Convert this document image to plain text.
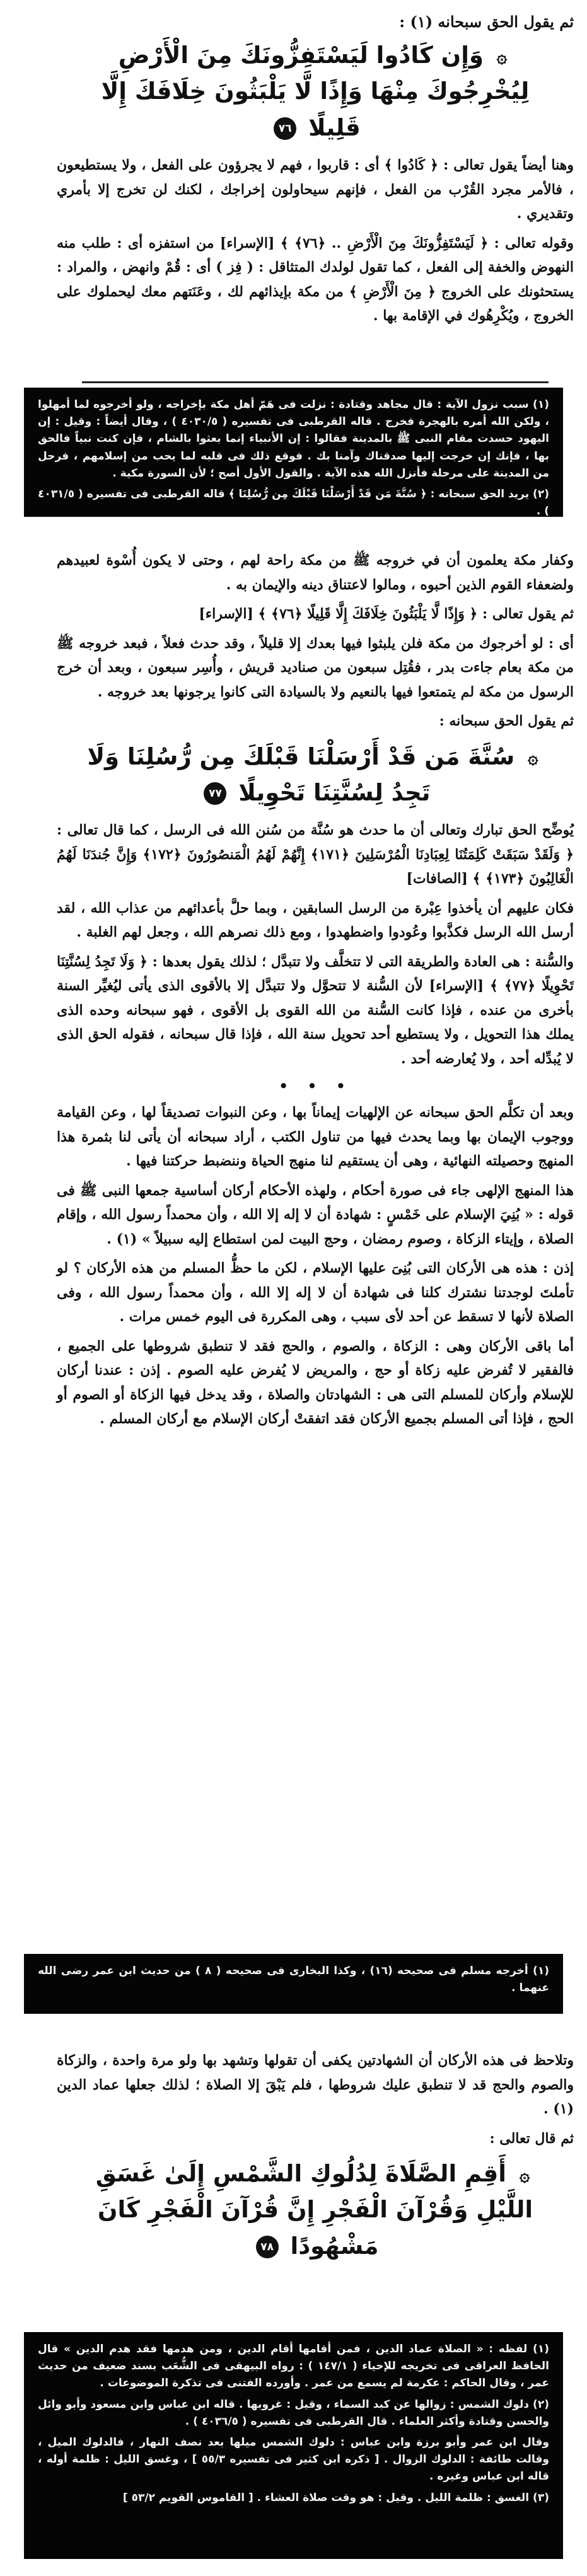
ثم يقول الحق سبحانه (١) :
۞ وَإِن كَادُوا لَيَسْتَفِزُّونَكَ مِنَ الْأَرْضِ لِيُخْرِجُوكَ مِنْهَا وَإِذًا لَّا يَلْبَثُونَ خِلَافَكَ إِلَّا قَلِيلًا ٧٦

وهنا أيضاً يقول تعالى : ﴿ كَادُوا ﴾ أى : قاربوا ، فهم لا يجرؤون على الفعل ، ولا يستطيعون ، فالأمر مجرد القُرْب من الفعل ، فإنهم سيحاولون إخراجك ، لكنك لن تخرج إلا بأمري وتقديري .

وقوله تعالى : ﴿ لَيَسْتَفِزُّونَكَ مِنَ الْأَرْضِ .. ﴿٧٦﴾ ﴾ [الإسراء] من استفزه أى : طلب منه النهوض والخفة إلى الفعل ، كما تقول لولدك المتثاقل : ( فِز ) أى : قُمْ وانهض ، والمراد : يستحثونك على الخروج ﴿ مِنَ الْأَرْضِ ﴾ من مكة بإيذائهم لك ، وعَنَتهم معك ليحملوك على الخروج ، ويُكْرِهُوك في الإقامة بها .

(١) سبب نزول الآية : قال مجاهد وقتادة : نزلت فى هَمّ أهل مكة بإخراجه ، ولو أخرجوه لما أمهلوا ، ولكن الله أمره بالهجرة فخرج . قاله القرطبى فى تفسيره ( ٤٠٣٠/٥ ) ، وقال أيضاً : وقيل : إن اليهود حسدت مقام النبى ﷺ بالمدينة فقالوا : إن الأنبياء إنما بعثوا بالشام ، فإن كنت نبياً فالحق بها ، فإنك إن خرجت إليها صدقناك وآمنا بك . فوقع ذلك فى قلبه لما يحب من إسلامهم ، فرحل من المدينة على مرحلة فأنزل الله هذه الآية . والقول الأول أصح ؛ لأن السورة مكية .

(٢) يريد الحق سبحانه : ﴿ سُنَّةَ مَن قَدْ أَرْسَلْنَا قَبْلَكَ مِن رُّسُلِنَا ﴾ قاله القرطبى فى تفسيره ( ٤٠٣١/٥ ) .

وكفار مكة يعلمون أن في خروجه ﷺ من مكة راحة لهم ، وحتى لا يكون أُسْوة لعبيدهم ولضعفاء القوم الذين أحبوه ، ومالوا لاعتناق دينه والإيمان به .

ثم يقول تعالى : ﴿ وَإِذًا لَّا يَلْبَثُونَ خِلَافَكَ إِلَّا قَلِيلًا ﴿٧٦﴾ ﴾ [الإسراء]

أى : لو أخرجوك من مكة فلن يلبثوا فيها بعدك إلا قليلاً ، وقد حدث فعلاً ، فبعد خروجه ﷺ من مكة بعام جاءت بدر ، فقُتِل سبعون من صناديد قريش ، وأُسِر سبعون ، وبعد أن خرج الرسول من مكة لم يتمتعوا فيها بالنعيم ولا بالسيادة التى كانوا يرجونها بعد خروجه .

ثم يقول الحق سبحانه :

۞ سُنَّةَ مَن قَدْ أَرْسَلْنَا قَبْلَكَ مِن رُّسُلِنَا وَلَا تَجِدُ لِسُنَّتِنَا تَحْوِيلًا ٧٧

يُوضِّح الحق تبارك وتعالى أن ما حدث هو سُنَّة من سُنن الله فى الرسل ، كما قال تعالى : ﴿ وَلَقَدْ سَبَقَتْ كَلِمَتُنَا لِعِبَادِنَا الْمُرْسَلِينَ ﴿١٧١﴾ إِنَّهُمْ لَهُمُ الْمَنصُورُونَ ﴿١٧٢﴾ وَإِنَّ جُندَنَا لَهُمُ الْغَالِبُونَ ﴿١٧٣﴾ ﴾ [الصافات]

فكان عليهم أن يأخذوا عِبْرة من الرسل السابقين ، وبما حلَّ بأعدائهم من عذاب الله ، لقد أرسل الله الرسل فكذَّبوا وعُودوا واضطهدوا ، ومع ذلك نصرهم الله ، وجعل لهم الغلبة .

والسُّنة : هى العادة والطريقة التى لا تتخلَّف ولا تتبدَّل ؛ لذلك يقول بعدها : ﴿ وَلَا تَجِدُ لِسُنَّتِنَا تَحْوِيلًا ﴿٧٧﴾ ﴾ [الإسراء] لأن السُّنة لا تتحوَّل ولا تتبدَّل إلا بالأقوى الذى يأتى ليُغيِّر السنة بأخرى من عنده ، فإذا كانت السُّنة من الله القوى بل الأقوى ، فهو سبحانه وحده الذى يملك هذا التحويل ، ولا يستطيع أحد تحويل سنة الله ، فإذا قال سبحانه ، فقوله الحق الذى لا يُبدِّله أحد ، ولا يُعارضه أحد .

• • •

وبعد أن تكلَّم الحق سبحانه عن الإلهيات إيماناً بها ، وعن النبوات تصديقاً لها ، وعن القيامة ووجوب الإيمان بها وبما يحدث فيها من تناول الكتب ، أراد سبحانه أن يأتى لنا بثمرة هذا المنهج وحصيلته النهائية ، وهى أن يستقيم لنا منهج الحياة وننضبط حركتنا فيها .

هذا المنهج الإلهى جاء فى صورة أحكام ، ولهذه الأحكام أركان أساسية جمعها النبى ﷺ فى قوله : « بُنِيَ الإسلام على خَمْسٍ : شهادة أن لا إله إلا الله ، وأن محمداً رسول الله ، وإقام الصلاة ، وإيتاء الزكاة ، وصوم رمضان ، وحج البيت لمن استطاع إليه سبيلاً » (١) .

إذن : هذه هى الأركان التى بُنِىَ عليها الإسلام ، لكن ما حظُّ المسلم من هذه الأركان ؟ لو تأملتَ لوجدتنا نشترك كلنا فى شهادة أن لا إله إلا الله ، وأن محمداً رسول الله ، وفى الصلاة لأنها لا تسقط عن أحد لأى سبب ، وهى المكررة فى اليوم خمس مرات .

أما باقى الأركان وهى : الزكاة ، والصوم ، والحج فقد لا تنطبق شروطها على الجميع ، فالفقير لا تُفرض عليه زكاة أو حج ، والمريض لا يُفرض عليه الصوم . إذن : عندنا أركان للإسلام وأركان للمسلم التى هى : الشهادتان والصلاة ، وقد يدخل فيها الزكاة أو الصوم أو الحج ، فإذا أتى المسلم بجميع الأركان فقد اتفقتْ أركان الإسلام مع أركان المسلم .

(١) أخرجه مسلم فى صحيحه (١٦) ، وكذا البخارى فى صحيحه ( ٨ ) من حديث ابن عمر رضى الله عنهما .

وتلاحظ فى هذه الأركان أن الشهادتين يكفى أن تقولها وتشهد بها ولو مرة واحدة ، والزكاة والصوم والحج قد لا تنطبق عليك شروطها ، فلم يَبْقَ إلا الصلاة ؛ لذلك جعلها عماد الدين (١) .

ثم قال تعالى :

۞ أَقِمِ الصَّلَاةَ لِدُلُوكِ الشَّمْسِ إِلَىٰ غَسَقِ اللَّيْلِ وَقُرْآنَ الْفَجْرِ إِنَّ قُرْآنَ الْفَجْرِ كَانَ مَشْهُودًا ٧٨

(١) لفظه : « الصلاة عماد الدين ، فمن أقامها أقام الدين ، ومن هدمها فقد هدم الدين » قال الحافظ العراقى فى تخريجه للإحياء ( ١٤٧/١ ) : رواه البيهقى فى الشُّعَب بسند ضعيف من حديث عمر ، وقال الحاكم : عكرمة لم يسمع من عمر . وأورده الفتنى فى تذكرة الموضوعات .

(٢) دلوك الشمس : زوالها عن كبد السماء ، وقيل : غروبها . قاله ابن عباس وابن مسعود وأبو وائل والحسن وقتادة وأكثر العلماء . قال القرطبى فى تفسيره ( ٤٠٣٦/٥ ) .

وقال ابن عمر وأبو برزة وابن عباس : دلوك الشمس ميلها بعد نصف النهار ، فالدلوك الميل ، وقالت طائفة : الدلوك الزوال . [ ذكره ابن كثير فى تفسيره ٥٥/٣ ] ، وغسق الليل : ظلمة أوله ، قاله ابن عباس وغيره .

(٣) الغسق : ظلمة الليل . وقيل : هو وقت صلاة العشاء . [ القاموس القويم ٥٣/٢ ]
